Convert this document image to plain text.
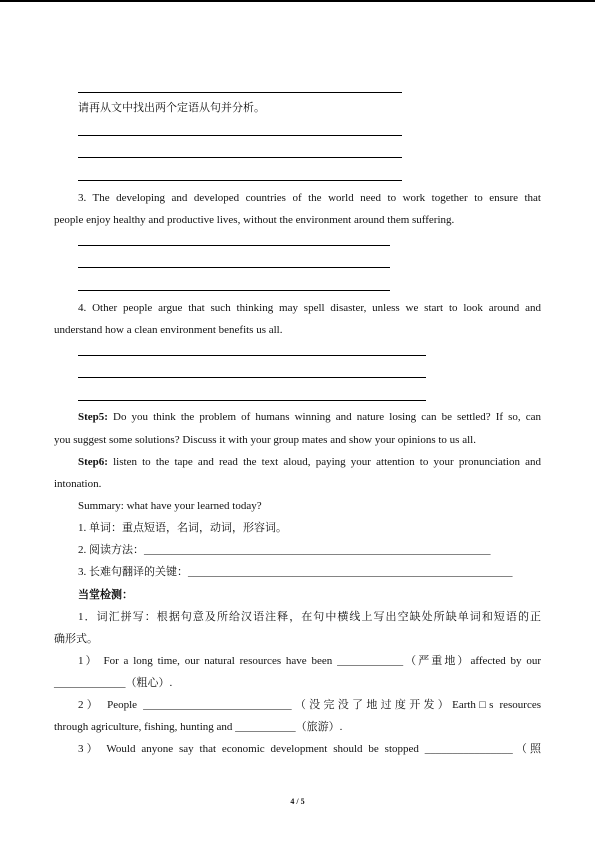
请再从文中找出两个定语从句并分析。
3. The developing and developed countries of the world need to work together to ensure that
people enjoy healthy and productive lives, without the environment around them suffering.
4. Other people argue that such thinking may spell disaster, unless we start to look around and
understand how a clean environment benefits us all.
Step5: Do you think the problem of humans winning and nature losing can be settled? If so, can
you suggest some solutions? Discuss it with your group mates and show your opinions to us all.
Step6: listen to the tape and read the text aloud, paying your attention to your pronunciation and
intonation.
Summary: what have your learned today?
1. 单词：重点短语，名词，动词，形容词。
2. 阅读方法：_______________________________________________________________
3. 长难句翻译的关键：___________________________________________________________
当堂检测：
1．词汇拼写：根据句意及所给汉语注释，在句中横线上写出空缺处所缺单词和短语的正
确形式。
1） For a long time, our natural resources have been ____________（严重地）affected by our
_____________（粗心）.
2） People ___________________________（没完没了地过度开发）Earth□s resources
through agriculture, fishing, hunting and ___________（旅游）.
3） Would anyone say that economic development should be stopped ________________（照
4 / 5
